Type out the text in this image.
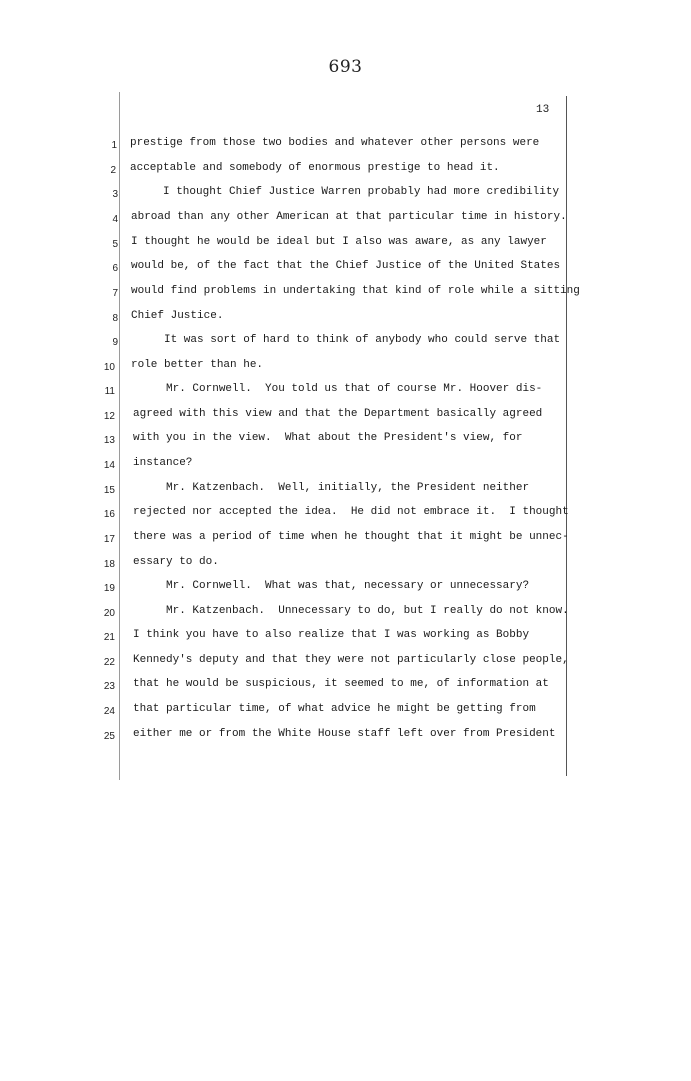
693
13
1 prestige from those two bodies and whatever other persons were
2 acceptable and somebody of enormous prestige to head it.
3 I thought Chief Justice Warren probably had more credibility
4 abroad than any other American at that particular time in history.
5 I thought he would be ideal but I also was aware, as any lawyer
6 would be, of the fact that the Chief Justice of the United States
7 would find problems in undertaking that kind of role while a sitting
8 Chief Justice.
9 It was sort of hard to think of anybody who could serve that
10 role better than he.
11 Mr. Cornwell.  You told us that of course Mr. Hoover dis-
12 agreed with this view and that the Department basically agreed
13 with you in the view.  What about the President's view, for
14 instance?
15 Mr. Katzenbach.  Well, initially, the President neither
16 rejected nor accepted the idea.  He did not embrace it.  I thought
17 there was a period of time when he thought that it might be unnec-
18 essary to do.
19 Mr. Cornwell.  What was that, necessary or unnecessary?
20 Mr. Katzenbach.  Unnecessary to do, but I really do not know.
21 I think you have to also realize that I was working as Bobby
22 Kennedy's deputy and that they were not particularly close people,
23 that he would be suspicious, it seemed to me, of information at
24 that particular time, of what advice he might be getting from
25 either me or from the White House staff left over from President
